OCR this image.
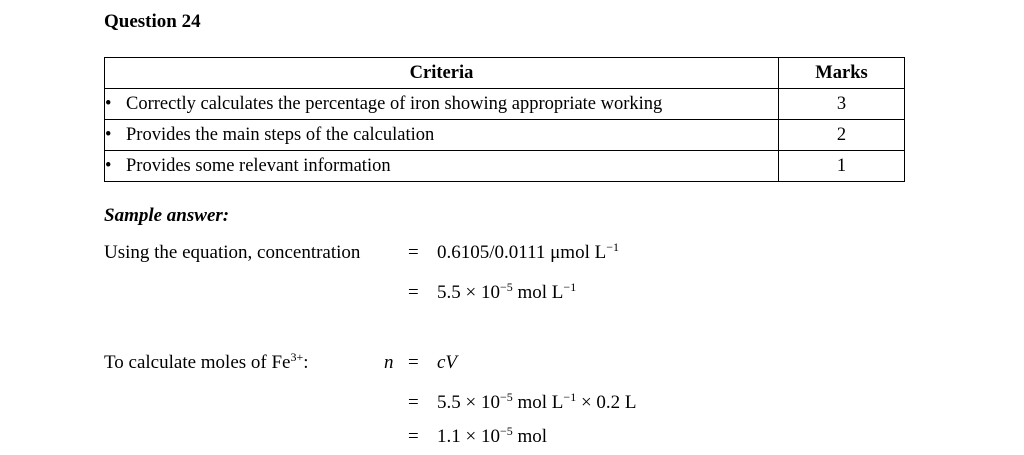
Question 24
Criteria	Marks
• Correctly calculates the percentage of iron showing appropriate working	3
• Provides the main steps of the calculation	2
• Provides some relevant information	1
Sample answer:
Using the equation, concentration	= 0.6105/0.0111 μmol $L^{-1}$
= $5.5 \times 10^{-5}$ mol $L^{-1}$
To calculate moles of $Fe^{3+}$:	n = cV
= $5.5 \times 10^{-5}$ mol $L^{-1} \times 0.2$ L
= $1.1 \times 10^{-5}$ mol
